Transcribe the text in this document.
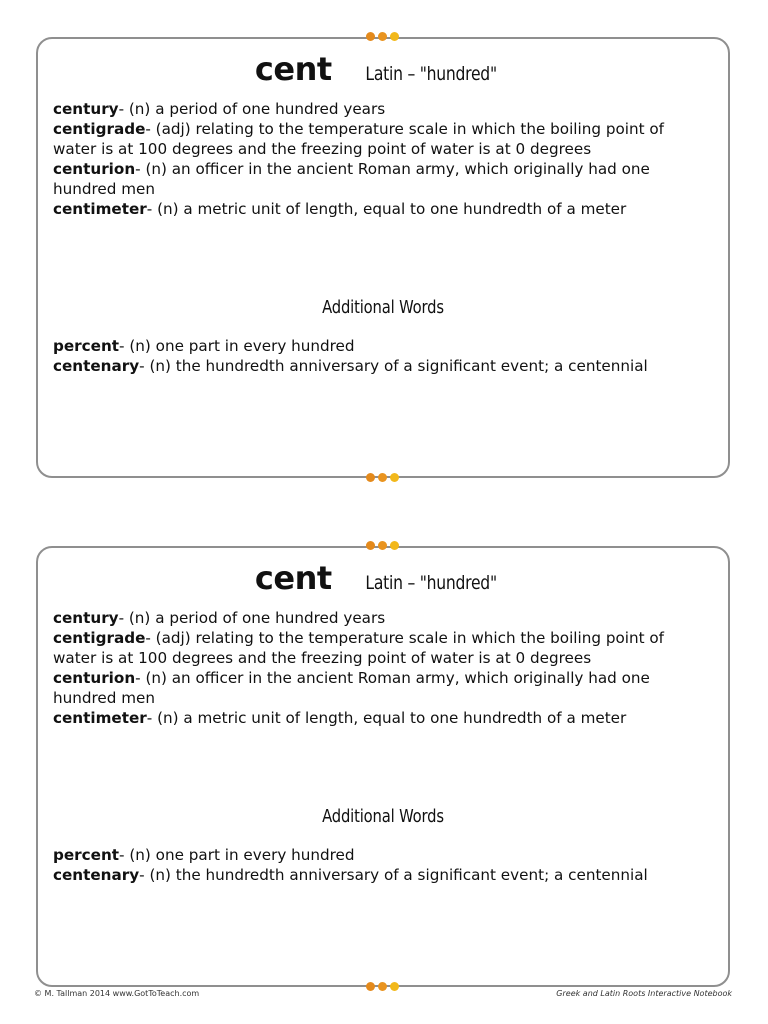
cent Latin – "hundred"
century- (n) a period of one hundred years
centigrade- (adj) relating to the temperature scale in which the boiling point of water is at 100 degrees and the freezing point of water is at 0 degrees
centurion- (n) an officer in the ancient Roman army, which originally had one hundred men
centimeter- (n) a metric unit of length, equal to one hundredth of a meter
Additional Words
percent- (n) one part in every hundred
centenary- (n) the hundredth anniversary of a significant event; a centennial
cent Latin – "hundred"
century- (n) a period of one hundred years
centigrade- (adj) relating to the temperature scale in which the boiling point of water is at 100 degrees and the freezing point of water is at 0 degrees
centurion- (n) an officer in the ancient Roman army, which originally had one hundred men
centimeter- (n) a metric unit of length, equal to one hundredth of a meter
Additional Words
percent- (n) one part in every hundred
centenary- (n) the hundredth anniversary of a significant event; a centennial
© M. Tallman 2014 www.GotToTeach.com	Greek and Latin Roots Interactive Notebook
